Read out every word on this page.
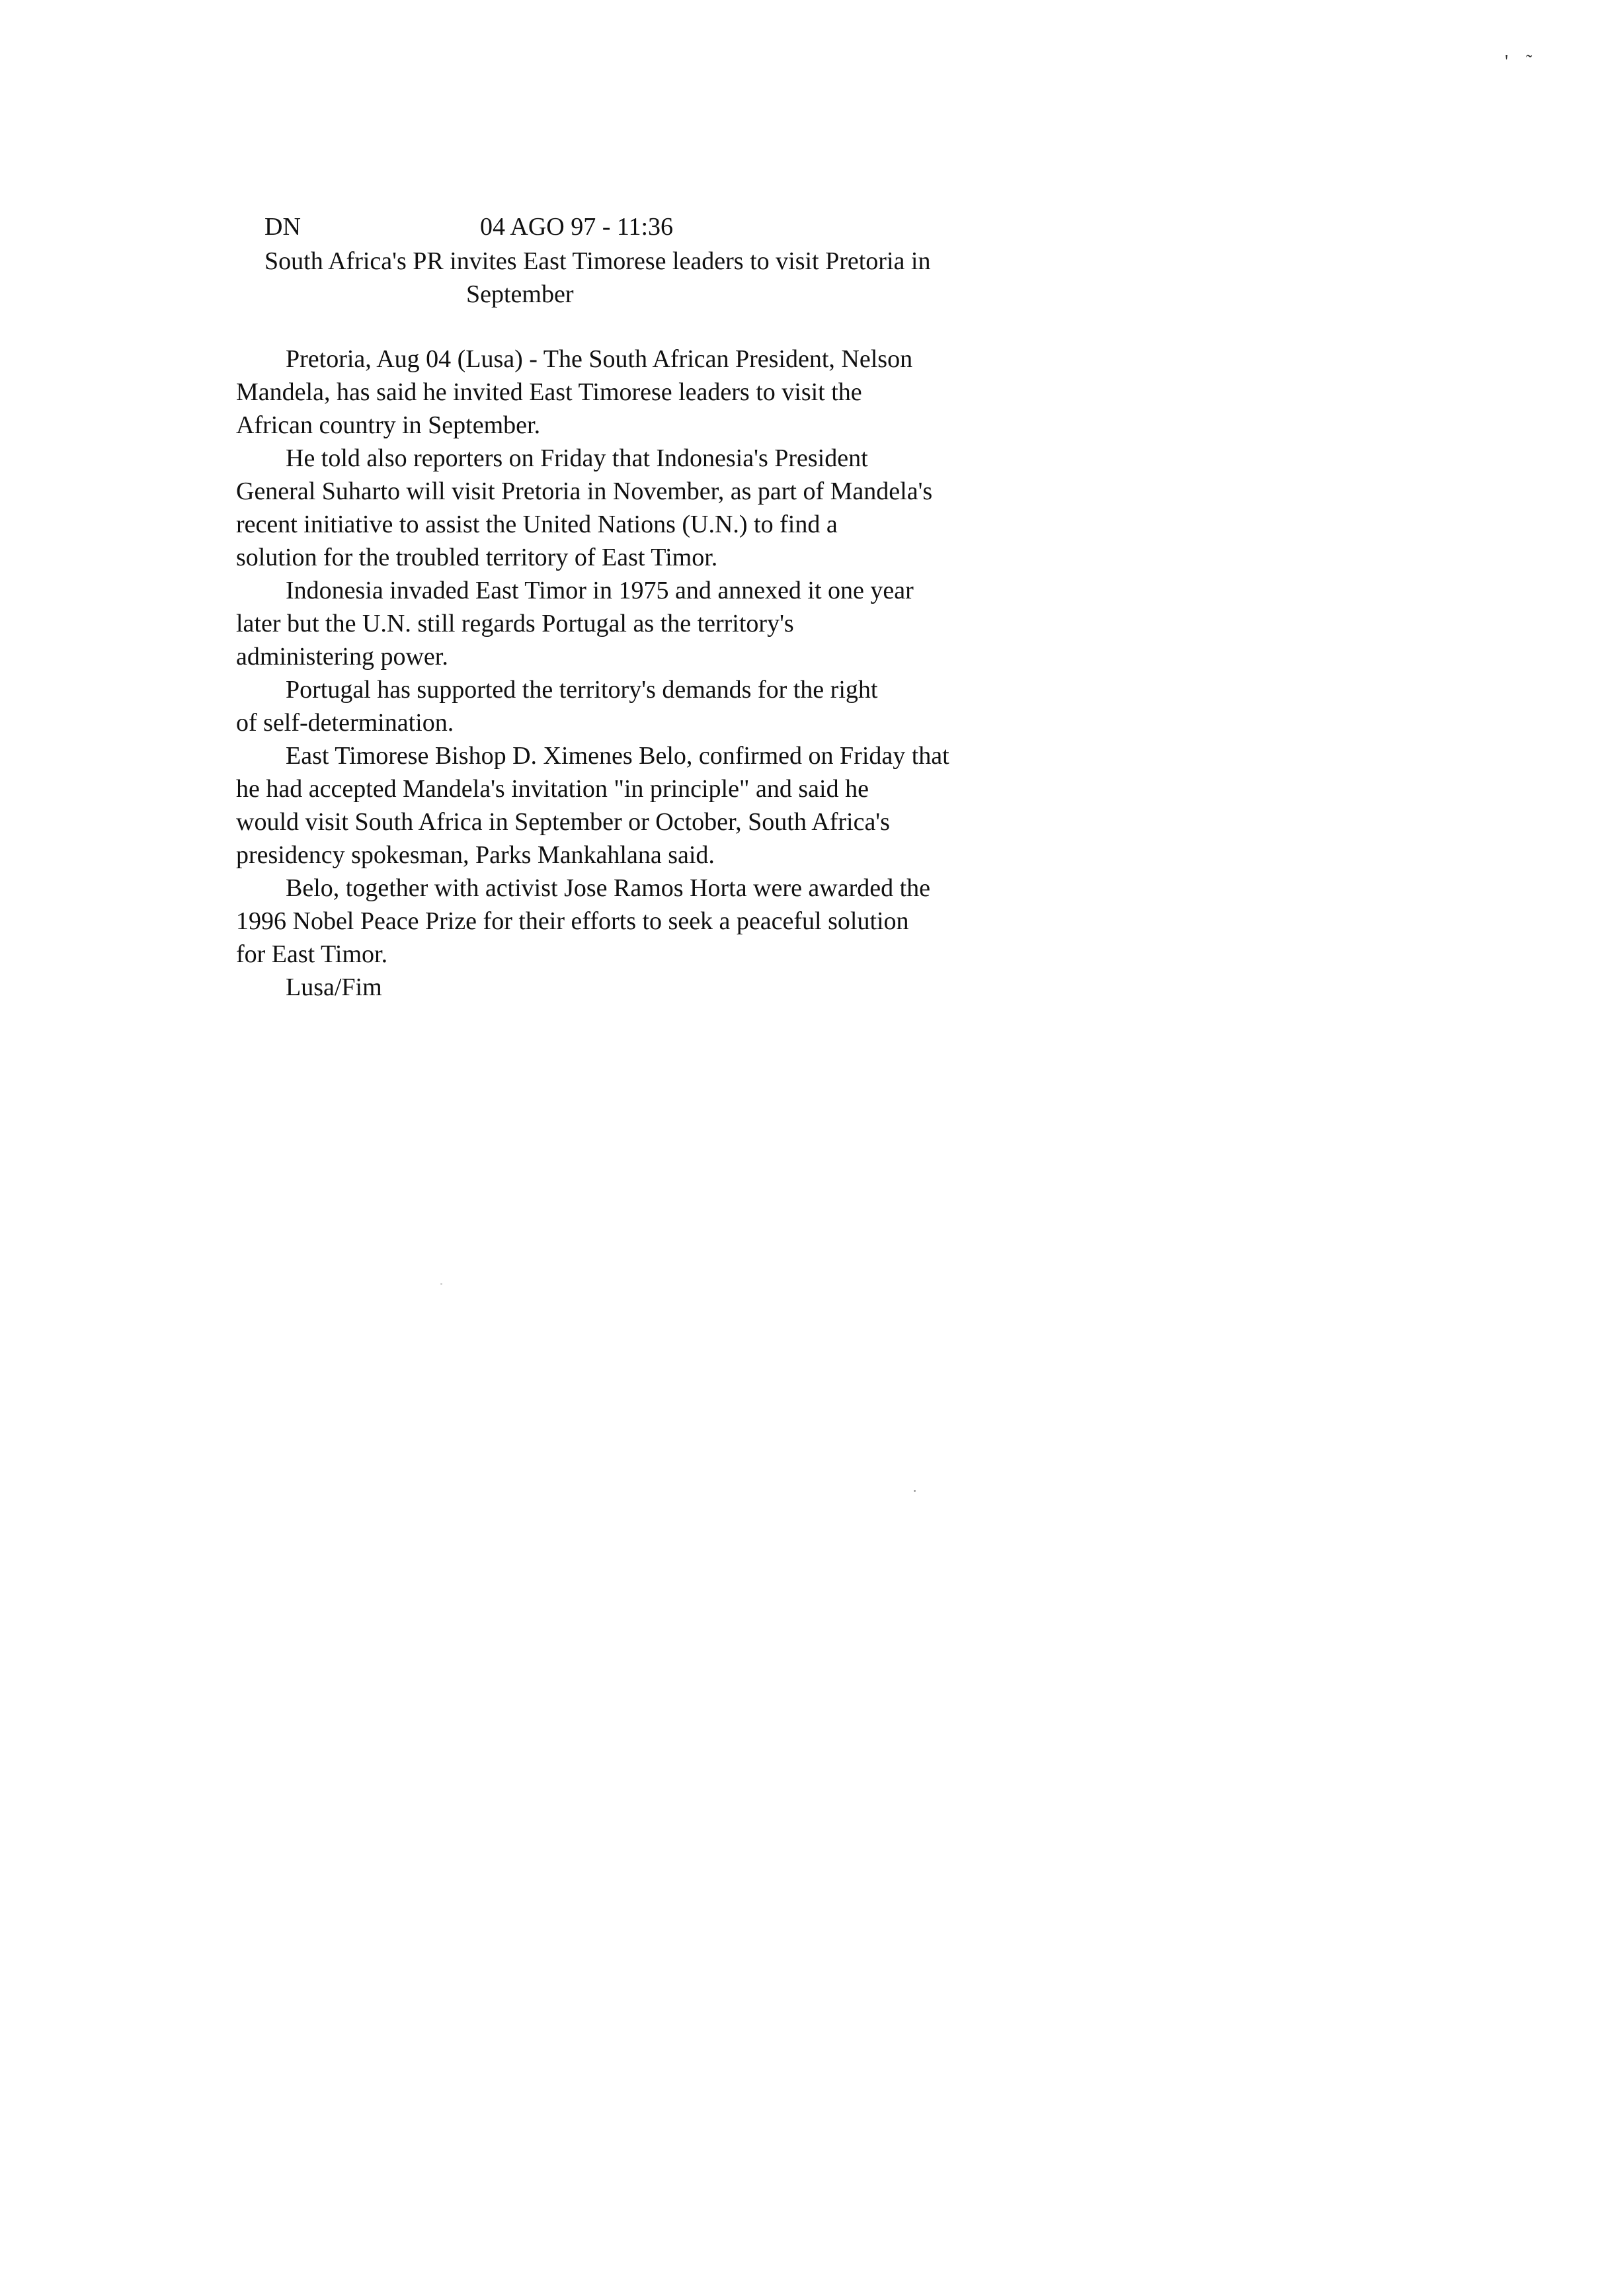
' ˜
DN	04 AGO 97 - 11:36
South Africa's PR invites East Timorese leaders to visit Pretoria in
September
Pretoria, Aug 04 (Lusa) - The South African President, Nelson
Mandela, has said he invited East Timorese leaders to visit the
African country in September.
He told also reporters on Friday that Indonesia's President
General Suharto will visit Pretoria in November, as part of Mandela's
recent initiative to assist the United Nations (U.N.) to find a
solution for the troubled territory of East Timor.
Indonesia invaded East Timor in 1975 and annexed it one year
later but the U.N. still regards Portugal as the territory's
administering power.
Portugal has supported the territory's demands for the right
of self-determination.
East Timorese Bishop D. Ximenes Belo, confirmed on Friday that
he had accepted Mandela's invitation "in principle" and said he
would visit South Africa in September or October, South Africa's
presidency spokesman, Parks Mankahlana said.
Belo, together with activist Jose Ramos Horta were awarded the
1996 Nobel Peace Prize for their efforts to seek a peaceful solution
for East Timor.
Lusa/Fim
